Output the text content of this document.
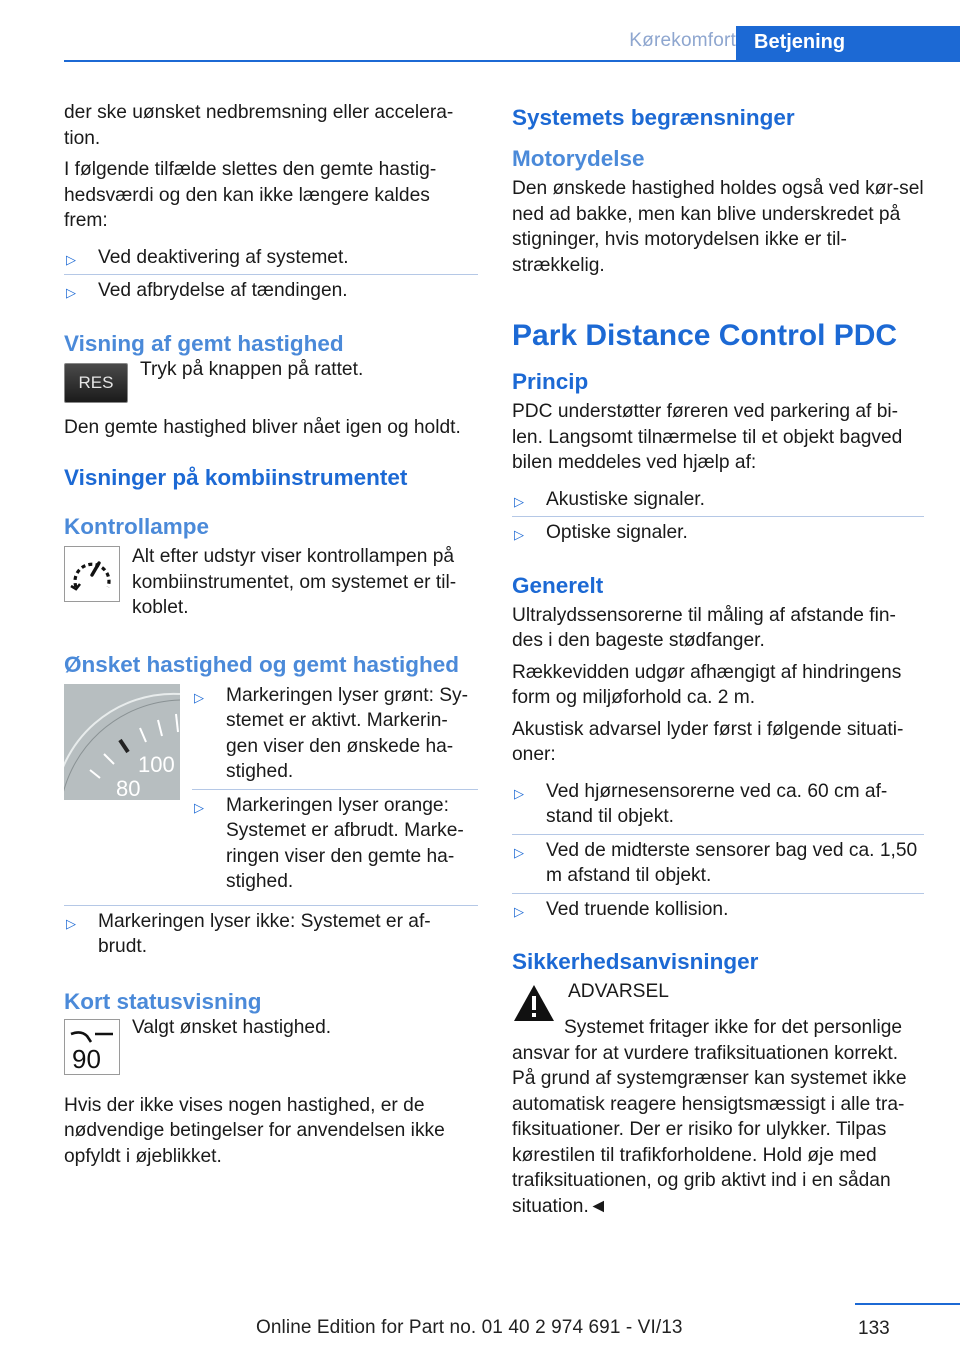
Kørekomfort Betjening

der ske uønsket nedbremsning eller accelera‐tion.

I følgende tilfælde slettes den gemte hastig‐hedsværdi og den kan ikke længere kaldes frem:

▷ Ved deaktivering af systemet.
▷ Ved afbrydelse af tændingen.
Visning af gemt hastighed
RES
Tryk på knappen på rattet.

Den gemte hastighed bliver nået igen og holdt.

Visninger på kombiinstrumentet
Kontrollampe
Alt efter udstyr viser kontrollampen på kombiinstrumentet, om systemet er til‐koblet.
Ønsket hastighed og gemt hastighed
100
80
▷ Markeringen lyser grønt: Sy‐stemet er aktivt. Markerin‐gen viser den ønskede ha‐stighed.
▷ Markeringen lyser orange: Systemet er afbrudt. Marke‐ringen viser den gemte ha‐stighed.
▷ Markeringen lyser ikke: Systemet er af‐brudt.
Kort statusvisning
90
Valgt ønsket hastighed.

Hvis der ikke vises nogen hastighed, er de nødvendige betingelser for anvendelsen ikke opfyldt i øjeblikket.

Systemets begrænsninger
Motorydelse

Den ønskede hastighed holdes også ved kør‐sel ned ad bakke, men kan blive underskredet på stigninger, hvis motorydelsen ikke er til‐strækkelig.

Park Distance Control PDC
Princip

PDC understøtter føreren ved parkering af bi‐len. Langsomt tilnærmelse til et objekt bagved bilen meddeles ved hjælp af:

▷ Akustiske signaler.
▷ Optiske signaler.
Generelt

Ultralydssensorerne til måling af afstande fin‐des i den bageste stødfanger.

Rækkevidden udgør afhængigt af hindringens form og miljøforhold ca. 2 m.

Akustisk advarsel lyder først i følgende situati‐oner:

▷ Ved hjørnesensorerne ved ca. 60 cm af‐stand til objekt.
▷ Ved de midterste sensorer bag ved ca. 1,50 m afstand til objekt.
▷ Ved truende kollision.
Sikkerhedsanvisninger
ADVARSEL

Systemet fritager ikke for det personlige ansvar for at vurdere trafiksituationen korrekt. På grund af systemgrænser kan systemet ikke automatisk reagere hensigtsmæssigt i alle tra‐fiksituationer. Der er risiko for ulykker. Tilpas kørestilen til trafikforholdene. Hold øje med trafiksituationen, og grib aktivt ind i en sådan situation.◄

133
Online Edition for Part no. 01 40 2 974 691 - VI/13
